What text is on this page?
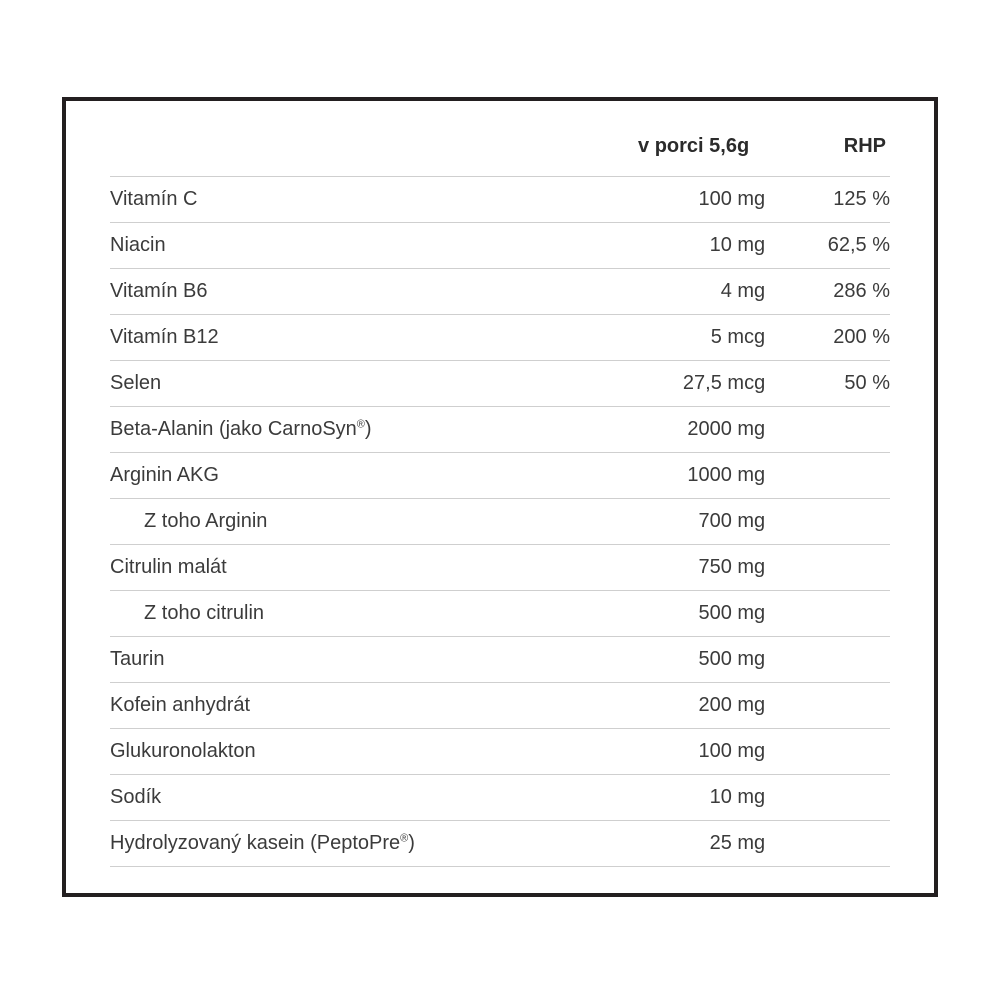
	v porci 5,6g	RHP
Vitamín C	100 mg	125 %
Niacin	10 mg	62,5 %
Vitamín B6	4 mg	286 %
Vitamín B12	5 mcg	200 %
Selen	27,5 mcg	50 %
Beta-Alanin (jako CarnoSyn®)	2000 mg	
Arginin AKG	1000 mg	
Z toho Arginin	700 mg	
Citrulin malát	750 mg	
Z toho citrulin	500 mg	
Taurin	500 mg	
Kofein anhydrát	200 mg	
Glukuronolakton	100 mg	
Sodík	10 mg	
Hydrolyzovaný kasein (PeptoPre®)	25 mg	
